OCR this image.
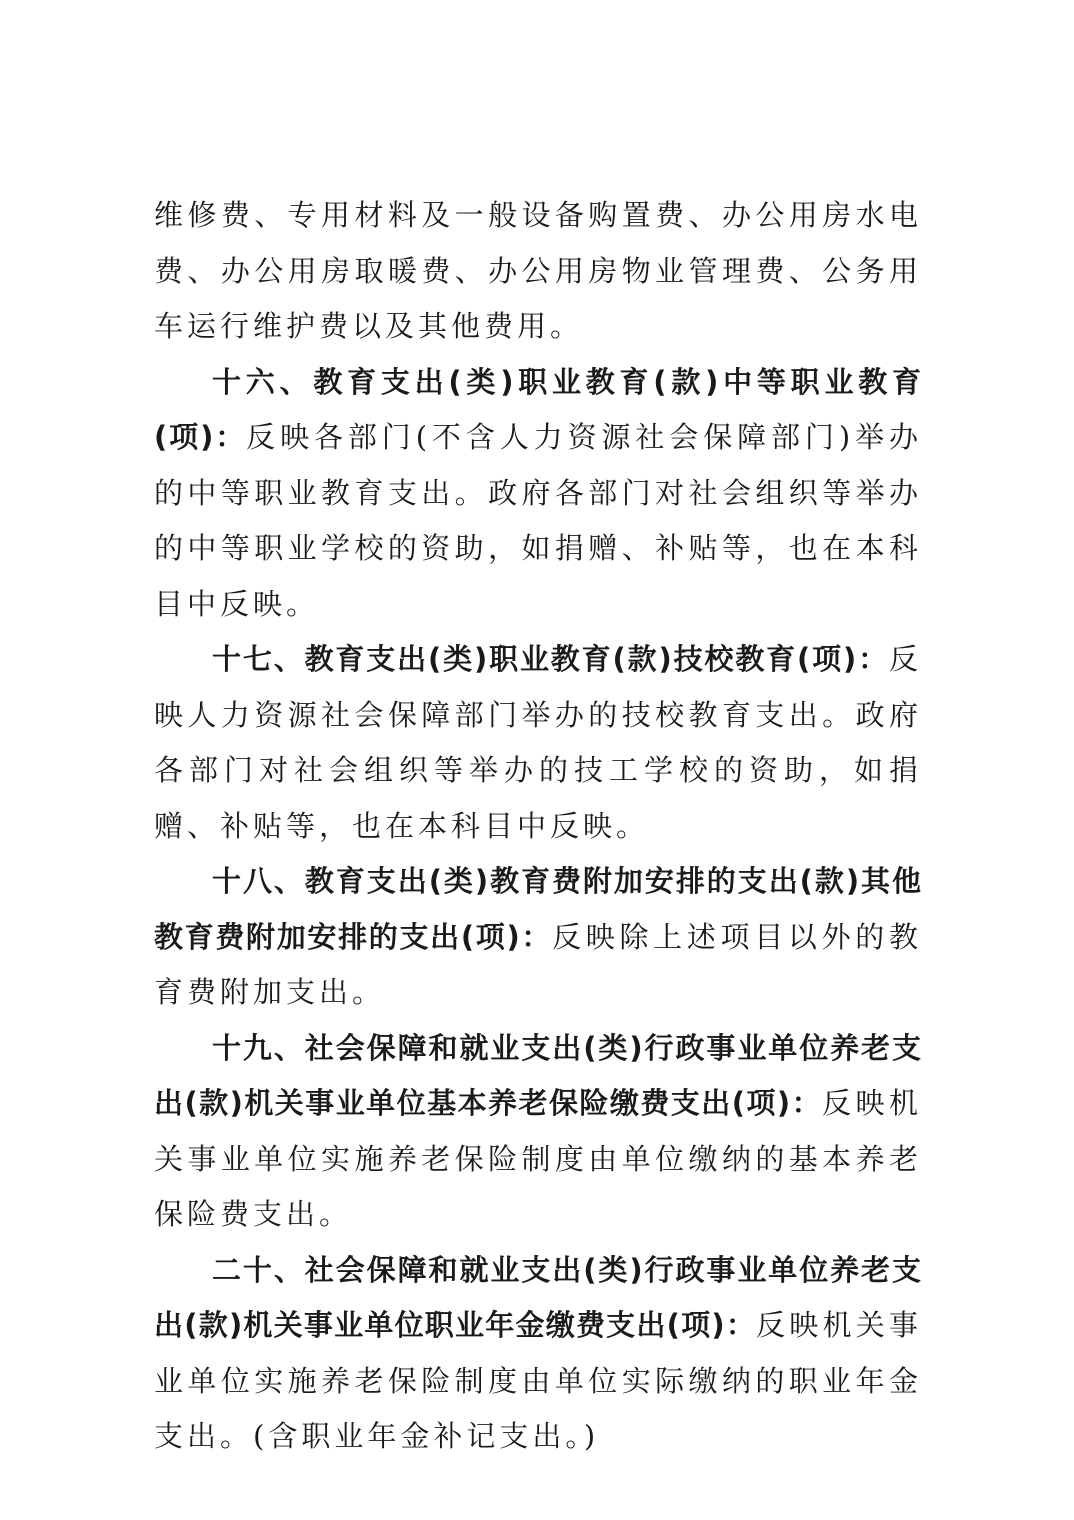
维修费、专用材料及一般设备购置费、办公用房水电费、办公用房取暖费、办公用房物业管理费、公务用车运行维护费以及其他费用。

十六、教育支出(类)职业教育(款)中等职业教育(项)：反映各部门(不含人力资源社会保障部门)举办的中等职业教育支出。政府各部门对社会组织等举办的中等职业学校的资助，如捐赠、补贴等，也在本科目中反映。

十七、教育支出(类)职业教育(款)技校教育(项)：反映人力资源社会保障部门举办的技校教育支出。政府各部门对社会组织等举办的技工学校的资助，如捐赠、补贴等，也在本科目中反映。

十八、教育支出(类)教育费附加安排的支出(款)其他教育费附加安排的支出(项)：反映除上述项目以外的教育费附加支出。

十九、社会保障和就业支出(类)行政事业单位养老支出(款)机关事业单位基本养老保险缴费支出(项)：反映机关事业单位实施养老保险制度由单位缴纳的基本养老保险费支出。

二十、社会保障和就业支出(类)行政事业单位养老支出(款)机关事业单位职业年金缴费支出(项)：反映机关事业单位实施养老保险制度由单位实际缴纳的职业年金支出。(含职业年金补记支出。)
